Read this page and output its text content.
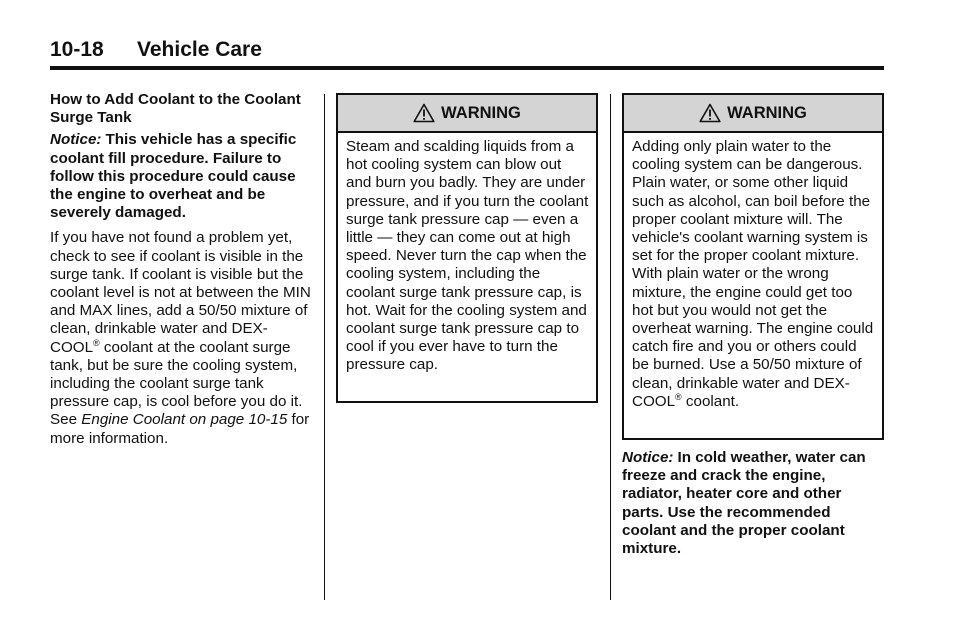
10-18 Vehicle Care
How to Add Coolant to the Coolant Surge Tank

Notice: This vehicle has a specific coolant fill procedure. Failure to follow this procedure could cause the engine to overheat and be severely damaged.

If you have not found a problem yet, check to see if coolant is visible in the surge tank. If coolant is visible but the coolant level is not at between the MIN and MAX lines, add a 50/50 mixture of clean, drinkable water and DEX-COOL® coolant at the coolant surge tank, but be sure the cooling system, including the coolant surge tank pressure cap, is cool before you do it. See Engine Coolant on page 10-15 for more information.

WARNING
Steam and scalding liquids from a hot cooling system can blow out and burn you badly. They are under pressure, and if you turn the coolant surge tank pressure cap — even a little — they can come out at high speed. Never turn the cap when the cooling system, including the coolant surge tank pressure cap, is hot. Wait for the cooling system and coolant surge tank pressure cap to cool if you ever have to turn the pressure cap.
WARNING
Adding only plain water to the cooling system can be dangerous. Plain water, or some other liquid such as alcohol, can boil before the proper coolant mixture will. The vehicle's coolant warning system is set for the proper coolant mixture. With plain water or the wrong mixture, the engine could get too hot but you would not get the overheat warning. The engine could catch fire and you or others could be burned. Use a 50/50 mixture of clean, drinkable water and DEX-COOL® coolant.

Notice: In cold weather, water can freeze and crack the engine, radiator, heater core and other parts. Use the recommended coolant and the proper coolant mixture.
